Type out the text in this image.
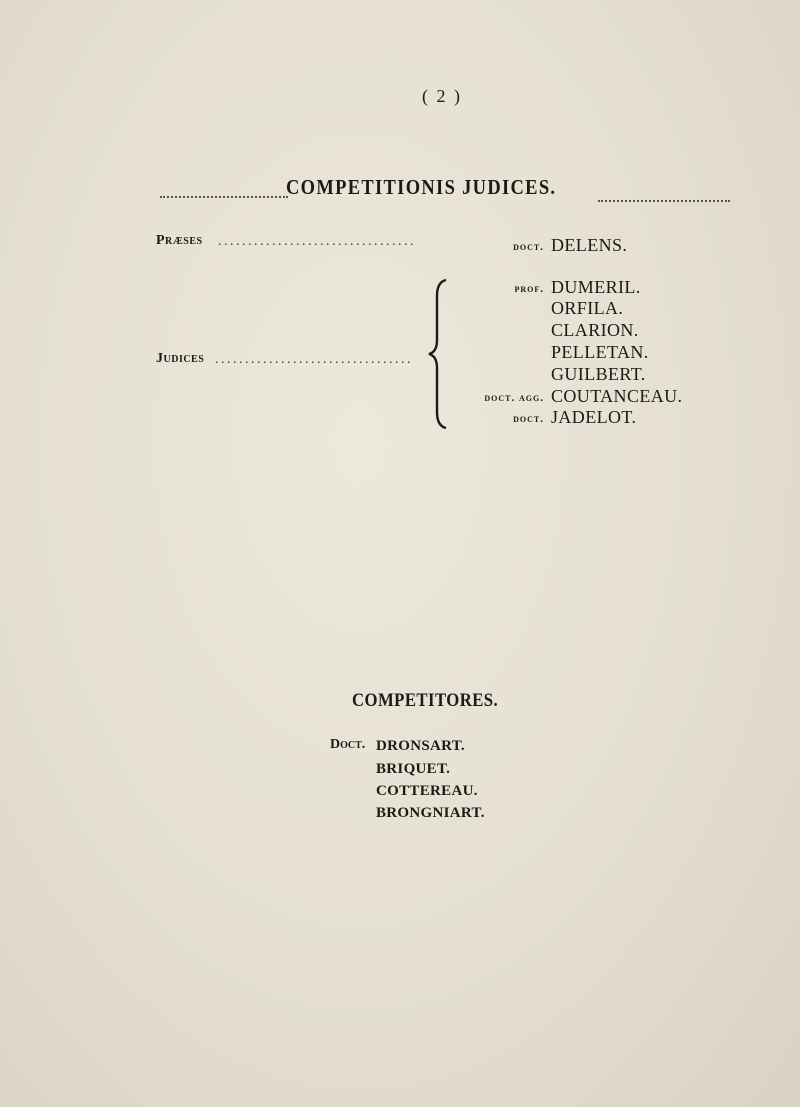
( 2 )
COMPETITIONIS JUDICES.
Præses .................................	doct. DELENS.
Judices .................................
prof. DUMERIL.
ORFILA.
CLARION.
PELLETAN.
GUILBERT.
doct. agg. COUTANCEAU.
doct. JADELOT.
COMPETITORES.
Doct. DRONSART.
BRIQUET.
COTTEREAU.
BRONGNIART.
